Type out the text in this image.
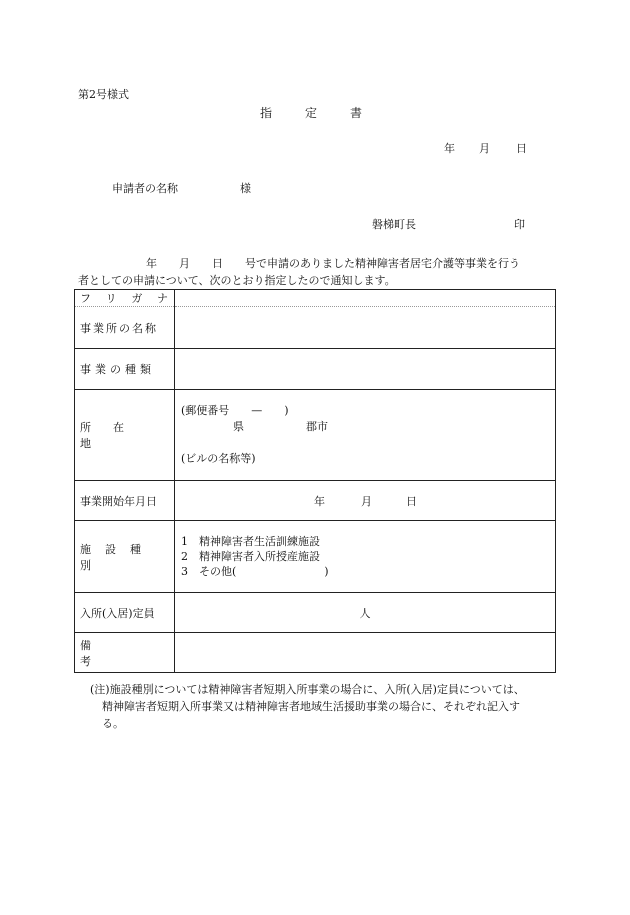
第2号様式
指定書
年 月 日
申請者の名称	様
磐梯町長	印
年 月 日 号で申請のありました精神障害者居宅介護等事業を行う
者としての申請について、次のとおり指定したので通知します。
フ リ ガ ナ	

事業所の名称	

事業の種類	

所在地	(郵便番号　　—　　)
県 郡市

(ビルの名称等)

事業開始年月日	年 月 日

施設種別	1　精神障害者生活訓練施設
2　精神障害者入所授産施設
3　その他(　　　　　　　　)

入所(入居)定員	人

備考	

(注)施設種別については精神障害者短期入所事業の場合に、入所(入居)定員については、
精神障害者短期入所事業又は精神障害者地域生活援助事業の場合に、それぞれ記入す
る。
